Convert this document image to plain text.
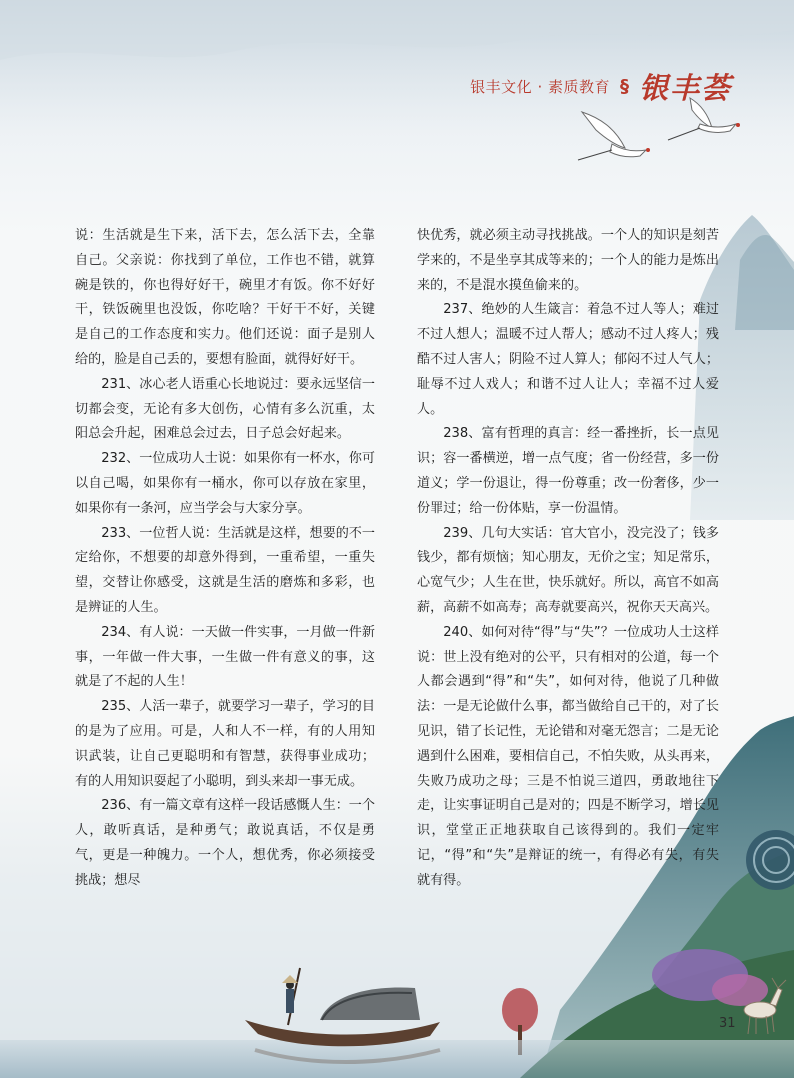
银丰文化 · 素质教育 § 银丰荟

说：生活就是生下来，活下去，怎么活下去，全靠自己。父亲说：你找到了单位，工作也不错，就算碗是铁的，你也得好好干，碗里才有饭。你不好好干，铁饭碗里也没饭，你吃啥？干好干不好，关键是自己的工作态度和实力。他们还说：面子是别人给的，脸是自己丢的，要想有脸面，就得好好干。

231、冰心老人语重心长地说过：要永远坚信一切都会变，无论有多大创伤，心情有多么沉重，太阳总会升起，困难总会过去，日子总会好起来。

232、一位成功人士说：如果你有一杯水，你可以自己喝，如果你有一桶水，你可以存放在家里，如果你有一条河，应当学会与大家分享。

233、一位哲人说：生活就是这样，想要的不一定给你，不想要的却意外得到，一重希望，一重失望，交替让你感受，这就是生活的磨炼和多彩，也是辨证的人生。

234、有人说：一天做一件实事，一月做一件新事，一年做一件大事，一生做一件有意义的事，这就是了不起的人生！

235、人活一辈子，就要学习一辈子，学习的目的是为了应用。可是，人和人不一样，有的人用知识武装，让自己更聪明和有智慧，获得事业成功；有的人用知识耍起了小聪明，到头来却一事无成。

236、有一篇文章有这样一段话感慨人生：一个人，敢听真话，是种勇气；敢说真话，不仅是勇气，更是一种魄力。一个人，想优秀，你必须接受挑战；想尽

快优秀，就必须主动寻找挑战。一个人的知识是刻苦学来的，不是坐享其成等来的；一个人的能力是炼出来的，不是混水摸鱼偷来的。

237、绝妙的人生箴言：着急不过人等人；难过不过人想人；温暖不过人帮人；感动不过人疼人；残酷不过人害人；阴险不过人算人；郁闷不过人气人；耻辱不过人戏人；和谐不过人让人；幸福不过人爱人。

238、富有哲理的真言：经一番挫折，长一点见识；容一番横逆，增一点气度；省一份经营，多一份道义；学一份退让，得一份尊重；改一份奢侈，少一份罪过；给一份体贴，享一份温情。

239、几句大实话：官大官小，没完没了；钱多钱少，都有烦恼；知心朋友，无价之宝；知足常乐，心宽气少；人生在世，快乐就好。所以，高官不如高薪，高薪不如高寿；高寿就要高兴，祝你天天高兴。

240、如何对待“得”与“失”？一位成功人士这样说：世上没有绝对的公平，只有相对的公道，每一个人都会遇到“得”和“失”，如何对待，他说了几种做法：一是无论做什么事，都当做给自己干的，对了长见识，错了长记性，无论错和对毫无怨言；二是无论遇到什么困难，要相信自己，不怕失败，从头再来，失败乃成功之母；三是不怕说三道四，勇敢地往下走，让实事证明自己是对的；四是不断学习，增长见识，堂堂正正地获取自己该得到的。我们一定牢记，“得”和“失”是辩证的统一，有得必有失，有失就有得。

31
